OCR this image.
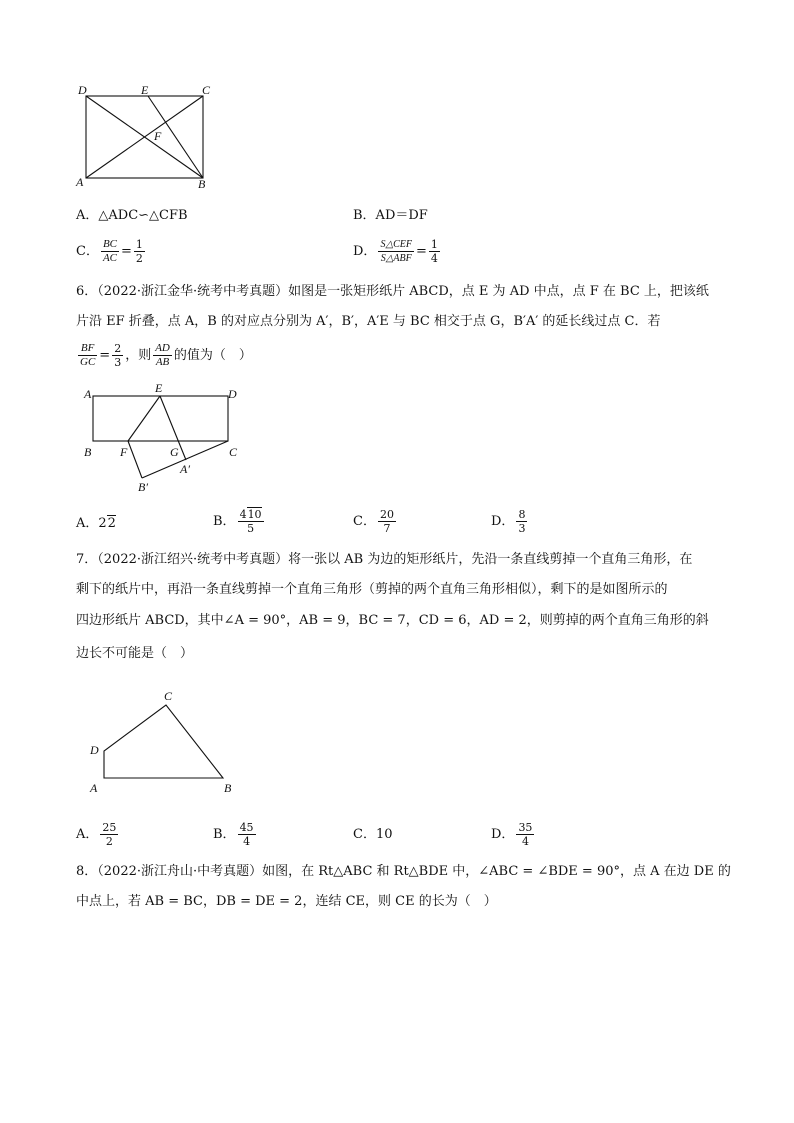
D	E	C
F
A	B
A．△ADC∽△CFB	B．AD＝DF
C． $\frac{BC}{AC} = \frac{1}{2}$	D． $\frac{\text{S△CEF}}{\text{S△ABF}} = \frac{1}{4}$
6．（2022·浙江金华·统考中考真题）如图是一张矩形纸片 ABCD，点 E 为 AD 中点，点 F 在 BC 上，把该纸
片沿 EF 折叠，点 A，B 的对应点分别为 A′，B′，A′E 与 BC 相交于点 G，B′A′ 的延长线过点 C．若
$\frac{BF}{GC} = \frac{2}{3}$ ，则 $\frac{AD}{AB}$ 的值为（　）
A	E	D
B F	G	C
A′
B′
A．22	B． $\frac{410}{5}$	C． $\frac{20}{7}$	D． $\frac{8}{3}$
7．（2022·浙江绍兴·统考中考真题）将一张以 AB 为边的矩形纸片，先沿一条直线剪掉一个直角三角形，在
剩下的纸片中，再沿一条直线剪掉一个直角三角形（剪掉的两个直角三角形相似），剩下的是如图所示的
四边形纸片 ABCD，其中∠A = 90°，AB = 9，BC = 7，CD = 6，AD = 2，则剪掉的两个直角三角形的斜
边长不可能是（　）
C
D
A	B
A． $\frac{25}{2}$	B． $\frac{45}{4}$	C．10	D． $\frac{35}{4}$
8．（2022·浙江舟山·中考真题）如图，在 Rt△ABC 和 Rt△BDE 中，∠ABC = ∠BDE = 90°，点 A 在边 DE 的
中点上，若 AB = BC，DB = DE = 2，连结 CE，则 CE 的长为（　）
